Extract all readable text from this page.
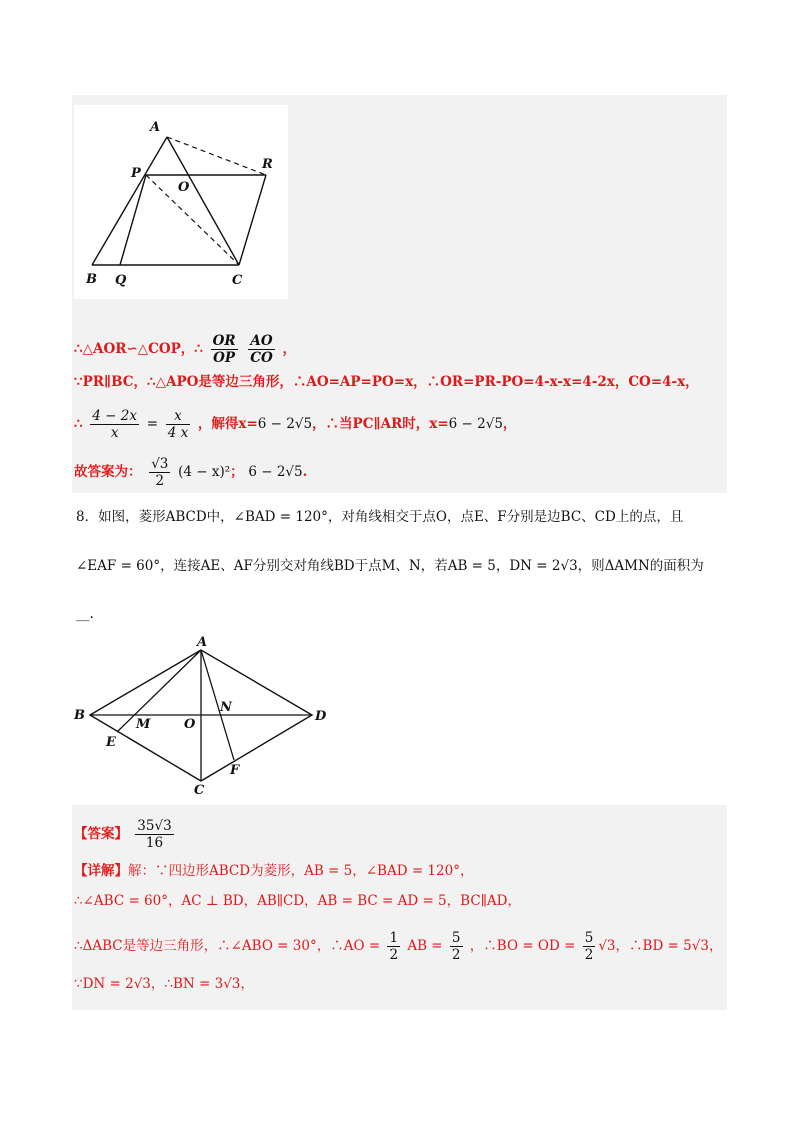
A
R
P
O
B Q	C
∴△AOR∽△COP，∴ $\frac{OR}{OP}$
$\frac{AO}{CO}$ ，
∵PR∥BC，∴△APO是等边三角形，∴AO=AP=PO=x，∴OR=PR-PO=4-x-x=4-2x，CO=4-x，
∴ $\frac{4 - 2x}{x} = \frac{x}{4 x}$ ，解得x=6 − 2√5，∴当PC∥AR时，x=6 − 2√5，
故答案为： $\frac{√3}{2} (4 - x)^2$； 6 − 2√5.
8．如图，菱形ABCD中，∠BAD = 120°，对角线相交于点O，点E、F分别是边BC、CD上的点，且
∠EAF = 60°，连接AE、AF分别交对角线BD于点M、N，若AB = 5，DN = 2√3，则ΔAMN的面积为
__.
A
B
M	O
N
D
E
F
C
【答案】 $\frac{35√3}{16}$
【详解】解：∵四边形ABCD为菱形，AB = 5，∠BAD = 120°，
∴∠ABC = 60°，AC ⊥ BD，AB∥CD，AB = BC = AD = 5，BC∥AD，
∴ΔABC是等边三角形，∴∠ABO = 30°，∴AO = $\frac{1}{2}$ AB = $\frac{5}{2}$ ，∴BO = OD = $\frac{5}{2} √3$，∴BD = 5√3，
∵DN = 2√3，∴BN = 3√3，
